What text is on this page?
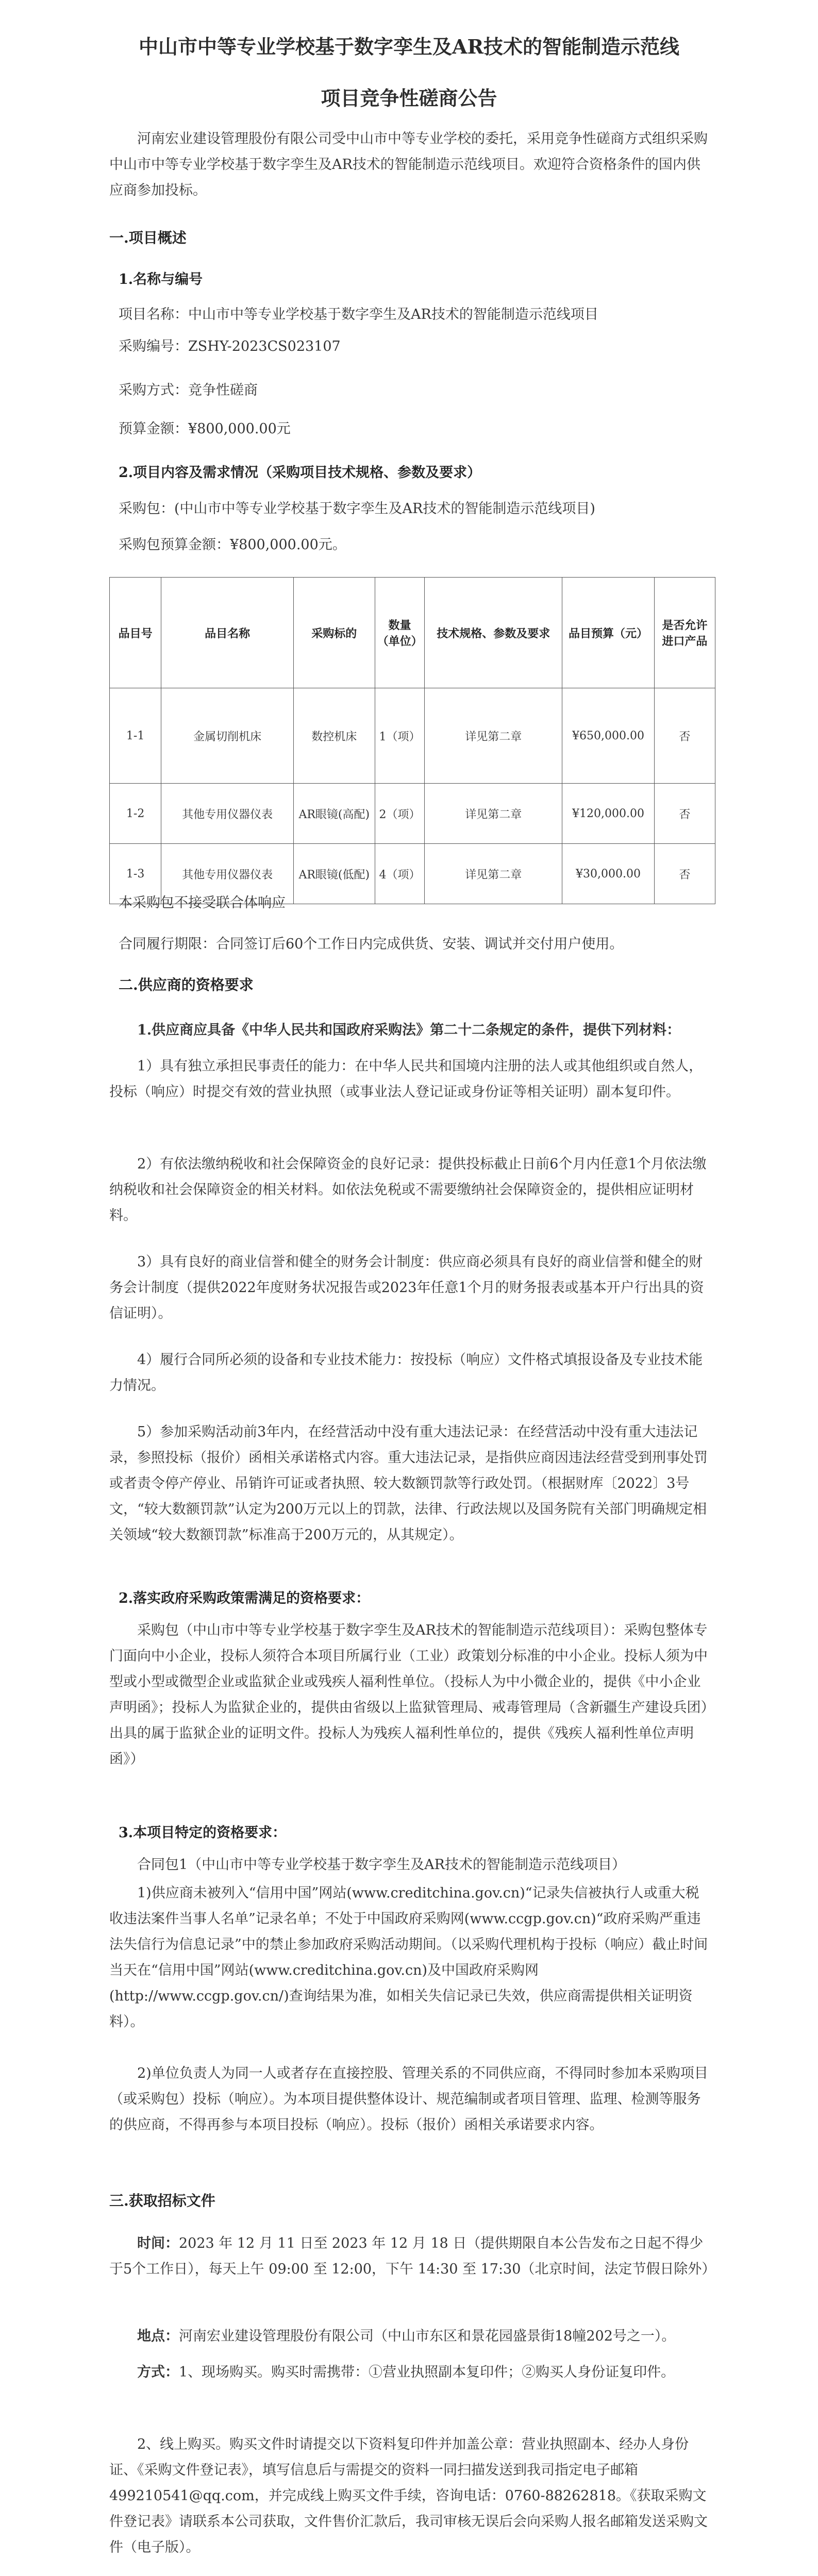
中山市中等专业学校基于数字孪生及AR技术的智能制造示范线
项目竞争性磋商公告

河南宏业建设管理股份有限公司受中山市中等专业学校的委托，采用竞争性磋商方式组织采购中山市中等专业学校基于数字孪生及AR技术的智能制造示范线项目。欢迎符合资格条件的国内供应商参加投标。

一.项目概述
1.名称与编号
项目名称：中山市中等专业学校基于数字孪生及AR技术的智能制造示范线项目
采购编号：ZSHY-2023CS023107
采购方式：竞争性磋商
预算金额：¥800,000.00元
2.项目内容及需求情况（采购项目技术规格、参数及要求）
采购包：(中山市中等专业学校基于数字孪生及AR技术的智能制造示范线项目)
采购包预算金额：¥800,000.00元。
品目号	品目名称	采购标的	数量（单位）	技术规格、参数及要求	品目预算（元）	是否允许进口产品
1-1	金属切削机床	数控机床	1（项）	详见第二章	¥650,000.00	否
1-2	其他专用仪器仪表	AR眼镜(高配)	2（项）	详见第二章	¥120,000.00	否
1-3	其他专用仪器仪表	AR眼镜(低配)	4（项）	详见第二章	¥30,000.00	否
本采购包不接受联合体响应
合同履行期限：合同签订后60个工作日内完成供货、安装、调试并交付用户使用。
二.供应商的资格要求

1.供应商应具备《中华人民共和国政府采购法》第二十二条规定的条件，提供下列材料：

1）具有独立承担民事责任的能力：在中华人民共和国境内注册的法人或其他组织或自然人，投标（响应）时提交有效的营业执照（或事业法人登记证或身份证等相关证明）副本复印件。

2）有依法缴纳税收和社会保障资金的良好记录：提供投标截止日前6个月内任意1个月依法缴纳税收和社会保障资金的相关材料。如依法免税或不需要缴纳社会保障资金的，提供相应证明材料。

3）具有良好的商业信誉和健全的财务会计制度：供应商必须具有良好的商业信誉和健全的财务会计制度（提供2022年度财务状况报告或2023年任意1个月的财务报表或基本开户行出具的资信证明）。

4）履行合同所必须的设备和专业技术能力：按投标（响应）文件格式填报设备及专业技术能力情况。

5）参加采购活动前3年内，在经营活动中没有重大违法记录：在经营活动中没有重大违法记录，参照投标（报价）函相关承诺格式内容。重大违法记录，是指供应商因违法经营受到刑事处罚或者责令停产停业、吊销许可证或者执照、较大数额罚款等行政处罚。（根据财库〔2022〕3号文，“较大数额罚款”认定为200万元以上的罚款，法律、行政法规以及国务院有关部门明确规定相关领域“较大数额罚款”标准高于200万元的，从其规定）。

2.落实政府采购政策需满足的资格要求：

采购包（中山市中等专业学校基于数字孪生及AR技术的智能制造示范线项目）：采购包整体专门面向中小企业，投标人须符合本项目所属行业（工业）政策划分标准的中小企业。投标人须为中型或小型或微型企业或监狱企业或残疾人福利性单位。（投标人为中小微企业的，提供《中小企业声明函》；投标人为监狱企业的，提供由省级以上监狱管理局、戒毒管理局（含新疆生产建设兵团）出具的属于监狱企业的证明文件。投标人为残疾人福利性单位的，提供《残疾人福利性单位声明函》）

3.本项目特定的资格要求：

合同包1（中山市中等专业学校基于数字孪生及AR技术的智能制造示范线项目）

1)供应商未被列入“信用中国”网站(www.creditchina.gov.cn)“记录失信被执行人或重大税收违法案件当事人名单”记录名单；不处于中国政府采购网(www.ccgp.gov.cn)“政府采购严重违法失信行为信息记录”中的禁止参加政府采购活动期间。（以采购代理机构于投标（响应）截止时间当天在“信用中国”网站(www.creditchina.gov.cn)及中国政府采购网(http://www.ccgp.gov.cn/)查询结果为准，如相关失信记录已失效，供应商需提供相关证明资料）。

2)单位负责人为同一人或者存在直接控股、管理关系的不同供应商，不得同时参加本采购项目（或采购包）投标（响应）。为本项目提供整体设计、规范编制或者项目管理、监理、检测等服务的供应商，不得再参与本项目投标（响应）。投标（报价）函相关承诺要求内容。

三.获取招标文件

时间：2023 年 12 月 11 日至 2023 年 12 月 18 日（提供期限自本公告发布之日起不得少于5个工作日），每天上午 09:00 至 12:00，下午 14:30 至 17:30（北京时间，法定节假日除外）

地点：河南宏业建设管理股份有限公司（中山市东区和景花园盛景街18幢202号之一）。

方式：1、现场购买。购买时需携带：①营业执照副本复印件；②购买人身份证复印件。

2、线上购买。购买文件时请提交以下资料复印件并加盖公章：营业执照副本、经办人身份证、《采购文件登记表》，填写信息后与需提交的资料一同扫描发送到我司指定电子邮箱499210541@qq.com，并完成线上购买文件手续，咨询电话：0760-88262818。《获取采购文件登记表》请联系本公司获取，文件售价汇款后，我司审核无误后会向采购人报名邮箱发送采购文件（电子版）。
